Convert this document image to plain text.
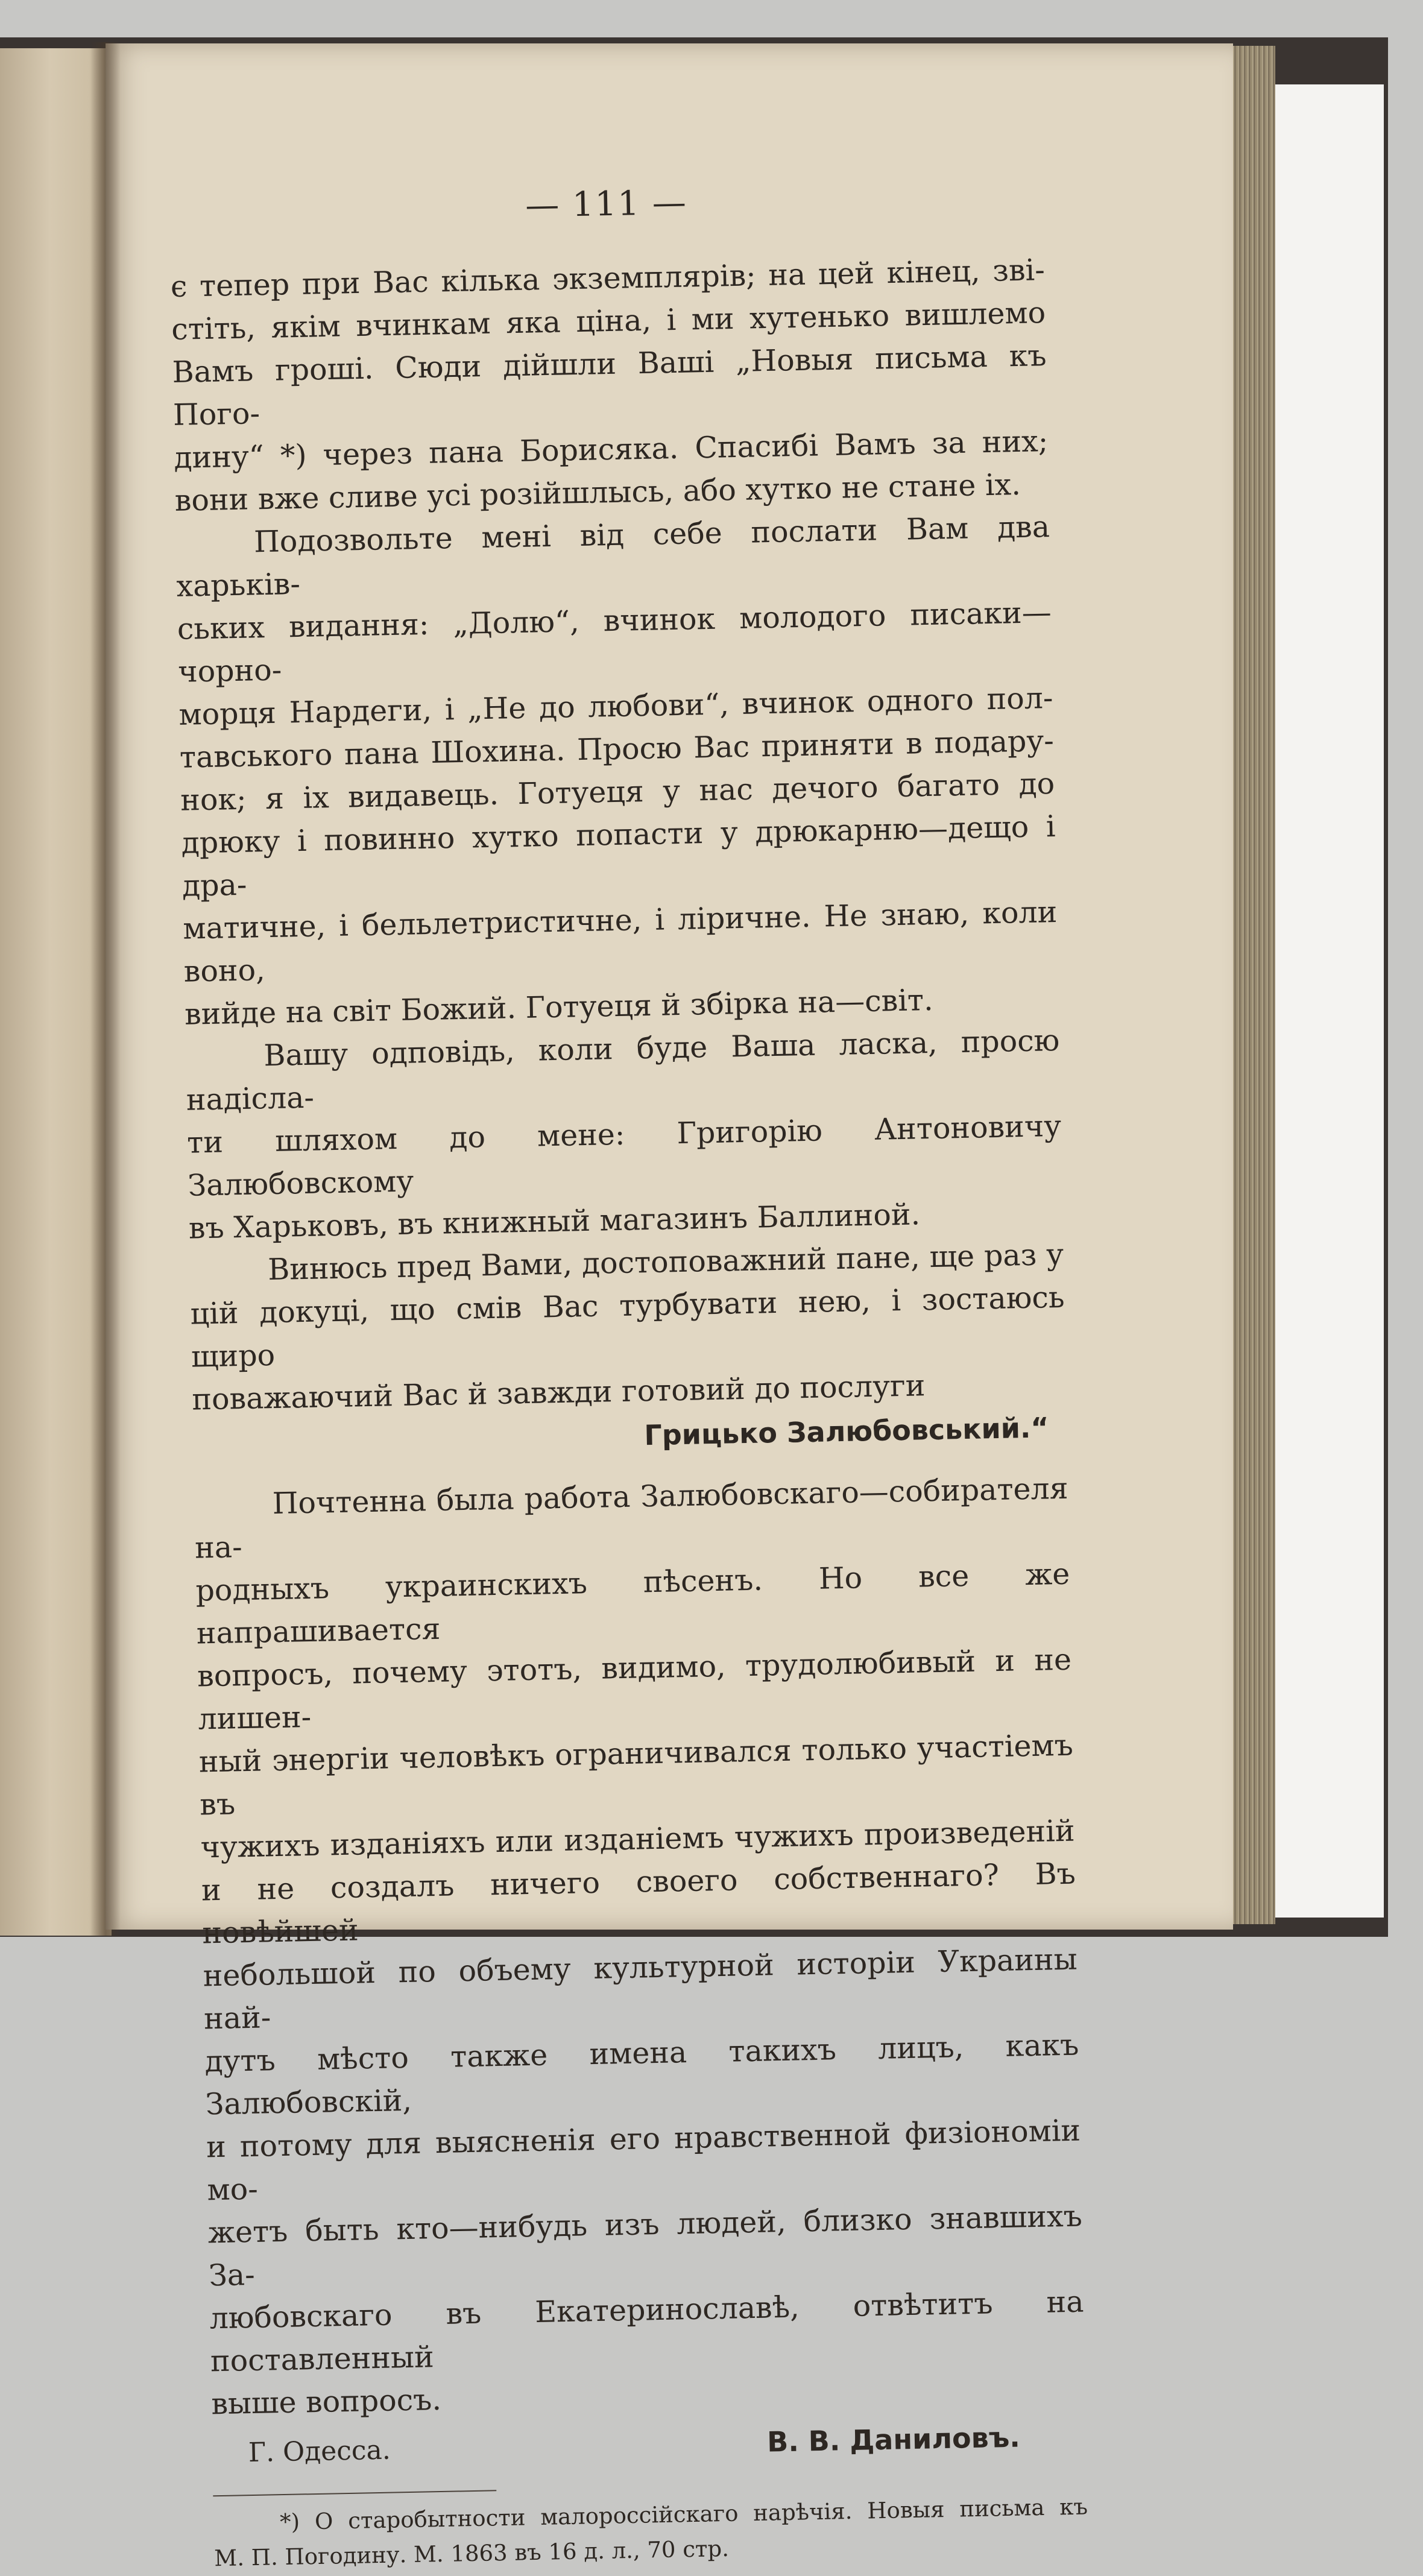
— 111 —

є тепер при Вас кілька экземплярів; на цей кінец, зві-

стіть, якім вчинкам яка ціна, і ми хутенько вишлемо

Вамъ гроші. Сюди дійшли Ваші „Новыя письма къ Пого-

дину“ *) через пана Борисяка. Спасибі Вамъ за них;

вони вже сливе усі розійшлысь, або хутко не стане іх.

Подозвольте мені від себе послати Вам два харьків-

ських видання: „Долю“, вчинок молодого писаки—чорно-

морця Нардеги, і „Не до любови“, вчинок одного пол-

тавського пана Шохина. Просю Вас приняти в подару-

нок; я іх видавець. Готуеця у нас дечого багато до

дрюку і повинно хутко попасти у дрюкарню—дещо і дра-

матичне, і бельлетристичне, і ліричне. Не знаю, коли воно,

вийде на світ Божий. Готуеця й збірка на—світ.

Вашу одповідь, коли буде Ваша ласка, просю надісла-

ти шляхом до мене: Григорію Антоновичу Залюбовскому

въ Харьковъ, въ книжный магазинъ Баллиной.

Винюсь пред Вами, достоповажний пане, ще раз у

цій докуці, що смів Вас турбувати нею, і зостаюсь щиро

поважаючий Вас й завжди готовий до послуги

Грицько Залюбовський.“

Почтенна была работа Залюбовскаго—собирателя на-

родныхъ украинскихъ пѣсенъ. Но все же напрашивается

вопросъ, почему этотъ, видимо, трудолюбивый и не лишен-

ный энергіи человѣкъ ограничивался только участіемъ въ

чужихъ изданіяхъ или изданіемъ чужихъ произведеній

и не создалъ ничего своего собственнаго? Въ новѣйшей

небольшой по объему культурной исторіи Украины най-

дутъ мѣсто также имена такихъ лицъ, какъ Залюбовскій,

и потому для выясненія его нравственной физіономіи мо-

жетъ быть кто—нибудь изъ людей, близко знавшихъ За-

любовскаго въ Екатеринославѣ, отвѣтитъ на поставленный

выше вопросъ.

Г. Одесса.	В. В. Даниловъ.

*) О старобытности малороссійскаго нарѣчія. Новыя письма къ

М. П. Погодину. М. 1863 въ 16 д. л., 70 стр.
